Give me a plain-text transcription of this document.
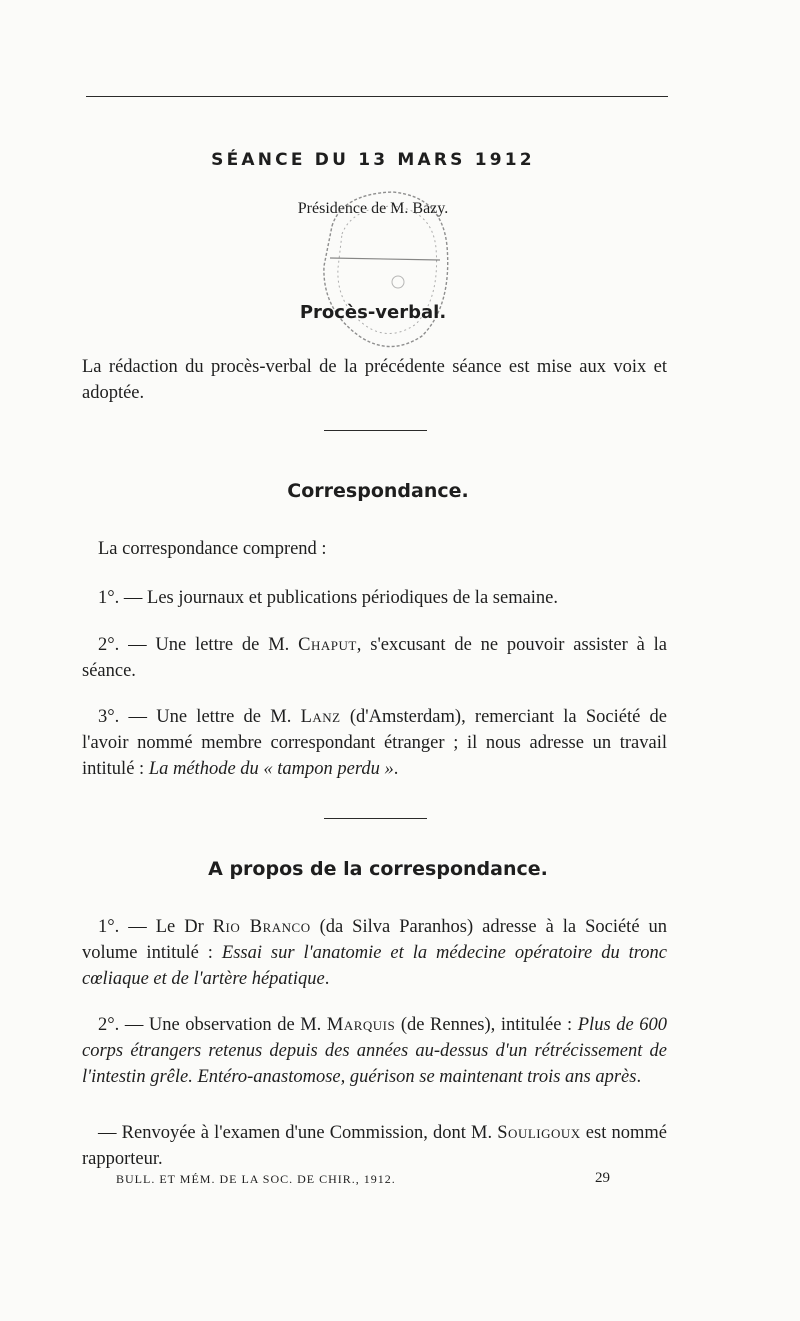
SÉANCE DU 13 MARS 1912
Présidence de M. Bazy.
Procès-verbal.
La rédaction du procès-verbal de la précédente séance est mise aux voix et adoptée.
Correspondance.
La correspondance comprend :
1°. — Les journaux et publications périodiques de la semaine.
2°. — Une lettre de M. Chaput, s'excusant de ne pouvoir assister à la séance.
3°. — Une lettre de M. Lanz (d'Amsterdam), remerciant la Société de l'avoir nommé membre correspondant étranger ; il nous adresse un travail intitulé : La méthode du « tampon perdu ».
A propos de la correspondance.
1°. — Le Dr Rio Branco (da Silva Paranhos) adresse à la Société un volume intitulé : Essai sur l'anatomie et la médecine opératoire du tronc cœliaque et de l'artère hépatique.
2°. — Une observation de M. Marquis (de Rennes), intitulée : Plus de 600 corps étrangers retenus depuis des années au-dessus d'un rétrécissement de l'intestin grêle. Entéro-anastomose, guérison se maintenant trois ans après.
— Renvoyée à l'examen d'une Commission, dont M. Souligoux est nommé rapporteur.
BULL. ET MÉM. DE LA SOC. DE CHIR., 1912.	29
